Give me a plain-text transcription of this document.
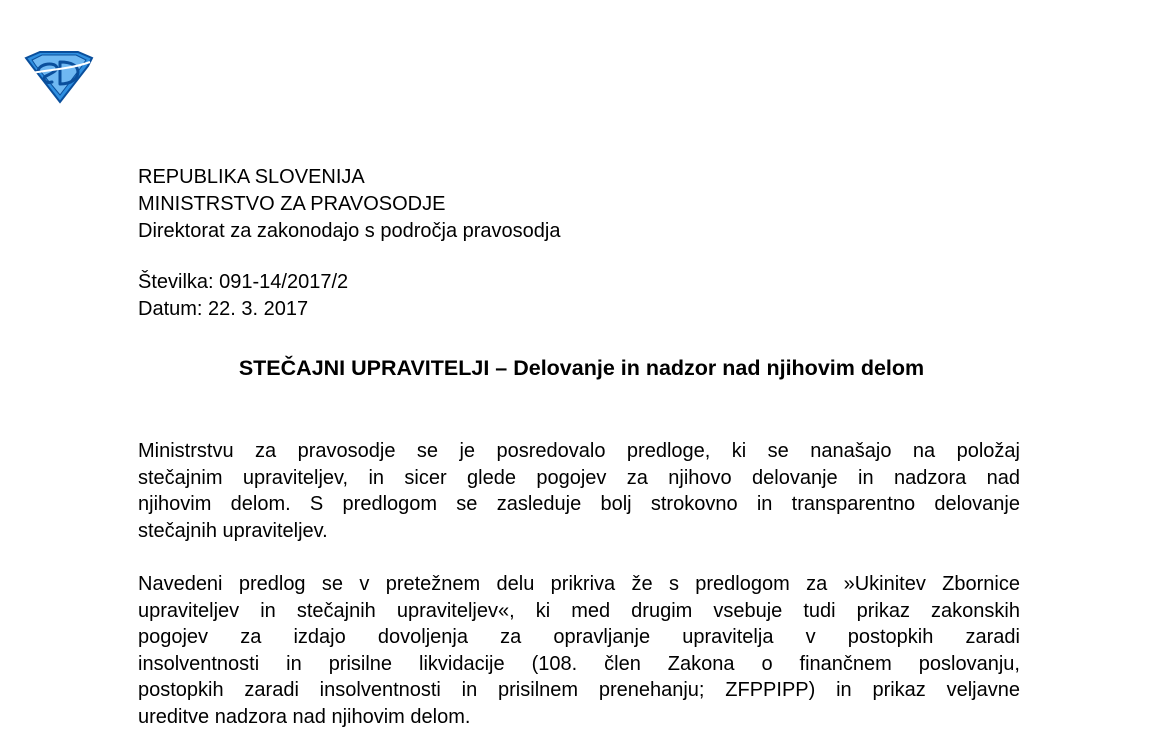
REPUBLIKA SLOVENIJA
MINISTRSTVO ZA PRAVOSODJE
Direktorat za zakonodajo s področja pravosodja
Številka: 091-14/2017/2
Datum: 22. 3. 2017
STEČAJNI UPRAVITELJI – Delovanje in nadzor nad njihovim delom
Ministrstvu za pravosodje se je posredovalo predloge, ki se nanašajo na položaj
stečajnim upraviteljev, in sicer glede pogojev za njihovo delovanje in nadzora nad
njihovim delom. S predlogom se zasleduje bolj strokovno in transparentno delovanje
stečajnih upraviteljev.
Navedeni predlog se v pretežnem delu prikriva že s predlogom za »Ukinitev Zbornice
upraviteljev in stečajnih upraviteljev«, ki med drugim vsebuje tudi prikaz zakonskih
pogojev za izdajo dovoljenja za opravljanje upravitelja v postopkih zaradi
insolventnosti in prisilne likvidacije (108. člen Zakona o finančnem poslovanju,
postopkih zaradi insolventnosti in prisilnem prenehanju; ZFPPIPP) in prikaz veljavne
ureditve nadzora nad njihovim delom.
